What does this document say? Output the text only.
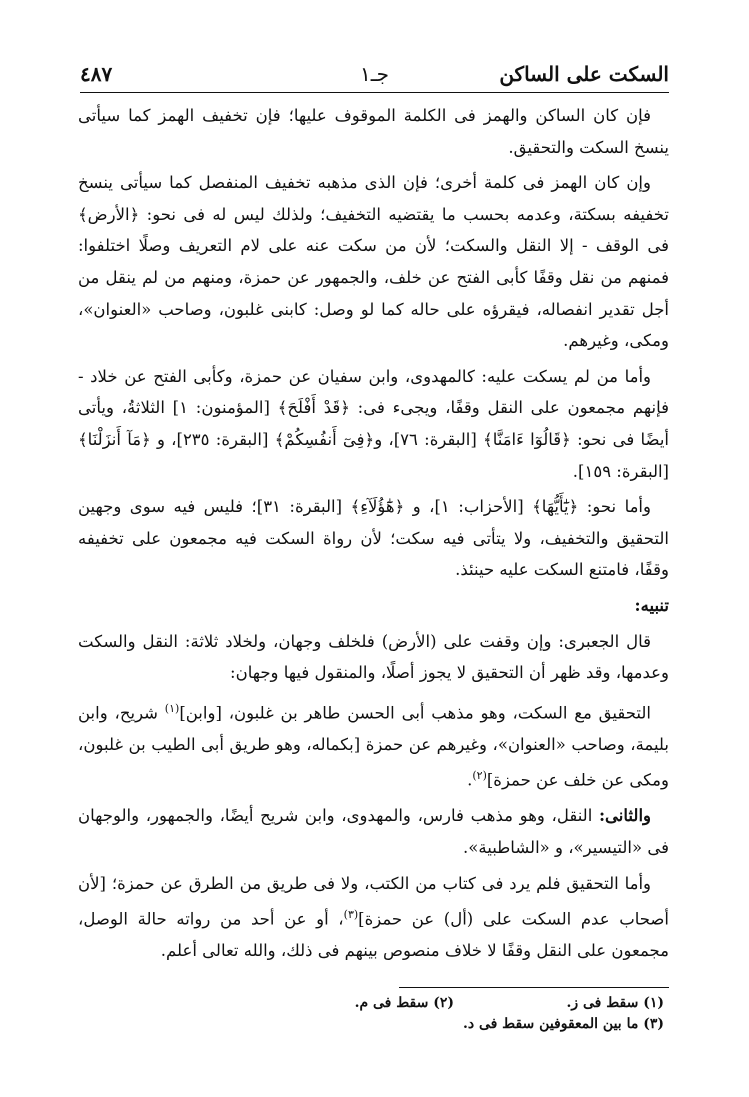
السكت على الساكن
جـ١
٤٨٧

فإن كان الساكن والهمز فى الكلمة الموقوف عليها؛ فإن تخفيف الهمز كما سيأتى ينسخ السكت والتحقيق.

وإن كان الهمز فى كلمة أخرى؛ فإن الذى مذهبه تخفيف المنفصل كما سيأتى ينسخ تخفيفه بسكتة، وعدمه بحسب ما يقتضيه التخفيف؛ ولذلك ليس له فى نحو: ﴿الأرض﴾ فى الوقف - إلا النقل والسكت؛ لأن من سكت عنه على لام التعريف وصلًا اختلفوا: فمنهم من نقل وقفًا كأبى الفتح عن خلف، والجمهور عن حمزة، ومنهم من لم ينقل من أجل تقدير انفصاله، فيقرؤه على حاله كما لو وصل: كابنى غلبون، وصاحب «العنوان»، ومكى، وغيرهم.

وأما من لم يسكت عليه: كالمهدوى، وابن سفيان عن حمزة، وكأبى الفتح عن خلاد - فإنهم مجمعون على النقل وقفًا، ويجىء فى: ﴿قَدْ أَفْلَحَ﴾ [المؤمنون: ١] الثلاثةُ، ويأتى أيضًا فى نحو: ﴿قَالُوٓا ءَامَنَّا﴾ [البقرة: ٧٦]، و﴿فِىٓ أَنفُسِكُمْ﴾ [البقرة: ٢٣٥]، و ﴿مَآ أَنزَلْنَا﴾ [البقرة: ١٥٩].

وأما نحو: ﴿يَٰٓأَيُّهَا﴾ [الأحزاب: ١]، و ﴿هَٰٓؤُلَآءِ﴾ [البقرة: ٣١]؛ فليس فيه سوى وجهين التحقيق والتخفيف، ولا يتأتى فيه سكت؛ لأن رواة السكت فيه مجمعون على تخفيفه وقفًا، فامتنع السكت عليه حينئذ.

تنبيه:

قال الجعبرى: وإن وقفت على (الأرض) فلخلف وجهان، ولخلاد ثلاثة: النقل والسكت وعدمها، وقد ظهر أن التحقيق لا يجوز أصلًا، والمنقول فيها وجهان:

التحقيق مع السكت، وهو مذهب أبى الحسن طاهر بن غلبون، [وابن]$^{(١)}$ شريح، وابن بليمة، وصاحب «العنوان»، وغيرهم عن حمزة [بكماله، وهو طريق أبى الطيب بن غلبون، ومكى عن خلف عن حمزة]$^{(٢)}$.

والثانى: النقل، وهو مذهب فارس، والمهدوى، وابن شريح أيضًا، والجمهور، والوجهان فى «التيسير»، و «الشاطبية».

وأما التحقيق فلم يرد فى كتاب من الكتب، ولا فى طريق من الطرق عن حمزة؛ [لأن أصحاب عدم السكت على (أل) عن حمزة]$^{(٣)}$، أو عن أحد من رواته حالة الوصل، مجمعون على النقل وقفًا لا خلاف منصوص بينهم فى ذلك، والله تعالى أعلم.

(١) سقط فى ز.
(٢) سقط فى م.
(٣) ما بين المعقوفين سقط فى د.
